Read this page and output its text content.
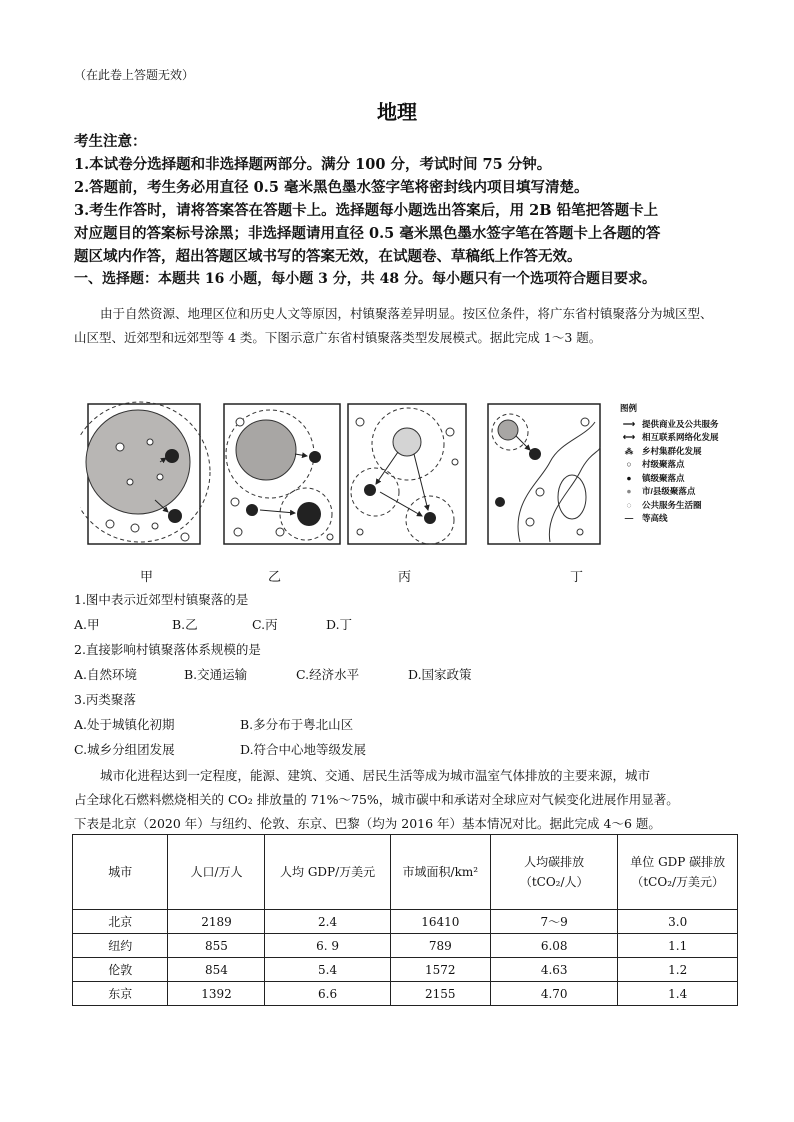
（在此卷上答题无效）
地理
考生注意：
1.本试卷分选择题和非选择题两部分。满分 100 分，考试时间 75 分钟。
2.答题前，考生务必用直径 0.5 毫米黑色墨水签字笔将密封线内项目填写清楚。
3.考生作答时，请将答案答在答题卡上。选择题每小题选出答案后，用 2B 铅笔把答题卡上
对应题目的答案标号涂黑；非选择题请用直径 0.5 毫米黑色墨水签字笔在答题卡上各题的答
题区域内作答，超出答题区域书写的答案无效，在试题卷、草稿纸上作答无效。
一、选择题：本题共 16 小题，每小题 3 分，共 48 分。每小题只有一个选项符合题目要求。

由于自然资源、地理区位和历史人文等原因，村镇聚落差异明显。按区位条件，将广东省村镇聚落分为城区型、山区型、近郊型和远郊型等 4 类。下图示意广东省村镇聚落类型发展模式。据此完成 1～3 题。

图例
⟶ 提供商业及公共服务
⟷ 相互联系网络化发展
⁂	乡村集群化发展
○	村级聚落点
●	镇级聚落点
●	市/县级聚落点
◌	公共服务生活圈
—	等高线
甲	乙	丙	丁
1.图中表示近郊型村镇聚落的是
A.甲	B.乙	C.丙	D.丁
2.直接影响村镇聚落体系规模的是
A.自然环境	B.交通运输	C.经济水平	D.国家政策
3.丙类聚落
A.处于城镇化初期	B.多分布于粤北山区
C.城乡分组团发展	D.符合中心地等级发展

城市化进程达到一定程度，能源、建筑、交通、居民生活等成为城市温室气体排放的主要来源，城市

占全球化石燃料燃烧相关的 CO₂ 排放量的 71%～75%，城市碳中和承诺对全球应对气候变化进展作用显著。
下表是北京（2020 年）与纽约、伦敦、东京、巴黎（均为 2016 年）基本情况对比。据此完成 4～6 题。
城市	人口/万人	人均 GDP/万美元	市域面积/km²	人均碳排放（tCO₂/人）	单位 GDP 碳排放（tCO₂/万美元）
北京	2189	2.4	16410	7～9	3.0
纽约	855	6. 9	789	6.08	1.1
伦敦	854	5.4	1572	4.63	1.2
东京	1392	6.6	2155	4.70	1.4
